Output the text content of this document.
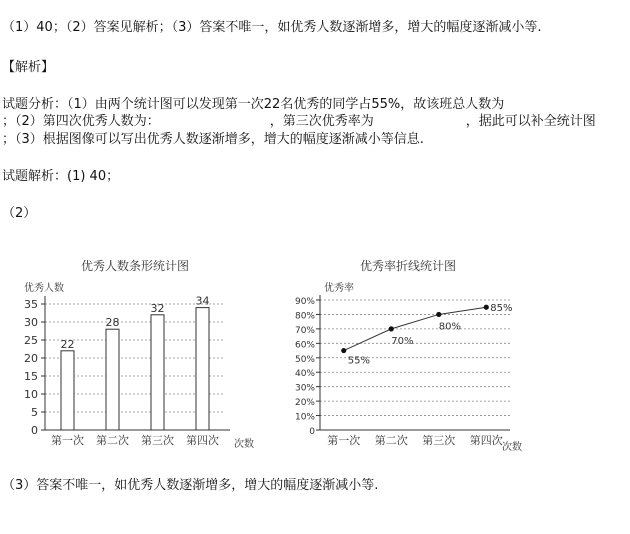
（1）40；（2）答案见解析；（3）答案不唯一，如优秀人数逐渐增多，增大的幅度逐渐减小等.
【解析】
试题分析：（1）由两个统计图可以发现第一次22名优秀的同学占55%，故该班总人数为
；（2）第四次优秀人数为：	，第三次优秀率为	，据此可以补全统计图
；（3）根据图像可以写出优秀人数逐渐增多，增大的幅度逐渐减小等信息.
试题解析：(1) 40；
（2）
优秀人数条形统计图
优秀人数
0
5
10
15
20
25
30
35
22
第一次
28
第二次
32
第三次
34
第四次 次数
优秀率折线统计图
优秀率
0
10%
20%
30%
40%
50%
60%
70%
80%
90%
55%
第一次
70%
第二次
80%
第三次
85%
第四次
次数
（3）答案不唯一，如优秀人数逐渐增多，增大的幅度逐渐减小等.
